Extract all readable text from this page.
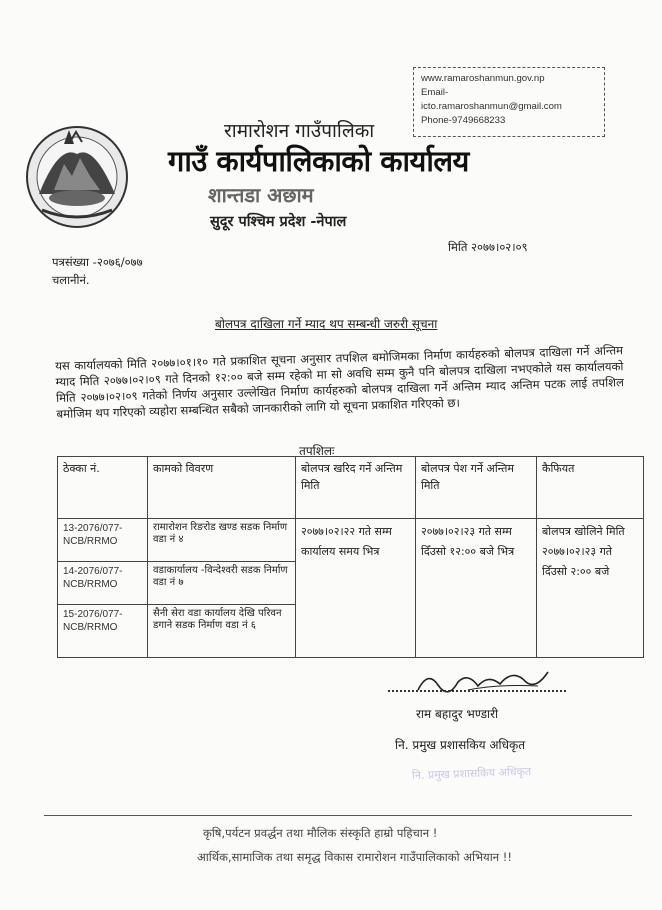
www.ramaroshanmun.gov.np
Email-
icto.ramaroshanmun@gmail.com
Phone-9749668233
रामारोशन गाउँपालिका
गाउँ कार्यपालिकाको कार्यालय
शान्तडा अछाम
सुदूर पश्चिम प्रदेश -नेपाल
मिति २०७७।०२।०९
पत्रसंख्या -२०७६/०७७
चलानीनं.
बोलपत्र दाखिला गर्ने म्याद थप सम्बन्धी जरुरी सूचना
यस कार्यालयको मिति २०७७।०१।१० गते प्रकाशित सूचना अनुसार तपशिल बमोजिमका निर्माण कार्यहरुको बोलपत्र दाखिला गर्ने अन्तिम म्याद मिति २०७७।०२।०९ गते दिनको १२:०० बजे सम्म रहेको मा सो अवधि सम्म कुनै पनि बोलपत्र दाखिला नभएकोले यस कार्यालयको मिति २०७७।०२।०९ गतेको निर्णय अनुसार उल्लेखित निर्माण कार्यहरुको बोलपत्र दाखिला गर्ने अन्तिम म्याद अन्तिम पटक लाई तपशिल बमोजिम थप गरिएको व्यहोरा सम्बन्धित सबैको जानकारीको लागि यो सूचना प्रकाशित गरिएको छ।
तपशिलः
ठेक्का नं.	कामको विवरण	बोलपत्र खरिद गर्ने अन्तिम मिति	बोलपत्र पेश गर्ने अन्तिम मिति	कैफियत
13-2076/077-NCB/RRMO	रामारोशन रिङरोड खण्ड सडक निर्माण वडा नं ४	२०७७।०२।२२ गते सम्म कार्यालय समय भित्र	२०७७।०२।२३ गते सम्म दिँउसो १२:०० बजे भित्र	बोलपत्र खोलिने मिति २०७७।०२।२३ गते दिँउसो २:०० बजे
14-2076/077-NCB/RRMO	वडाकार्यालय -विन्देश्वरी सडक निर्माण वडा नं ७			
15-2076/077-NCB/RRMO	सैनी सेरा वडा कार्यालय देखि परिवन डगाने सडक निर्माण वडा नं ६			
राम बहादुर भण्डारी
नि. प्रमुख प्रशासकिय अधिकृत
नि. प्रमुख प्रशासकिय अधिकृत
कृषि,पर्यटन प्रवर्द्धन तथा मौलिक संस्कृति हाम्रो पहिचान !
आर्थिक,सामाजिक तथा समृद्ध विकास रामारोशन गाउँपालिकाको अभियान !!
